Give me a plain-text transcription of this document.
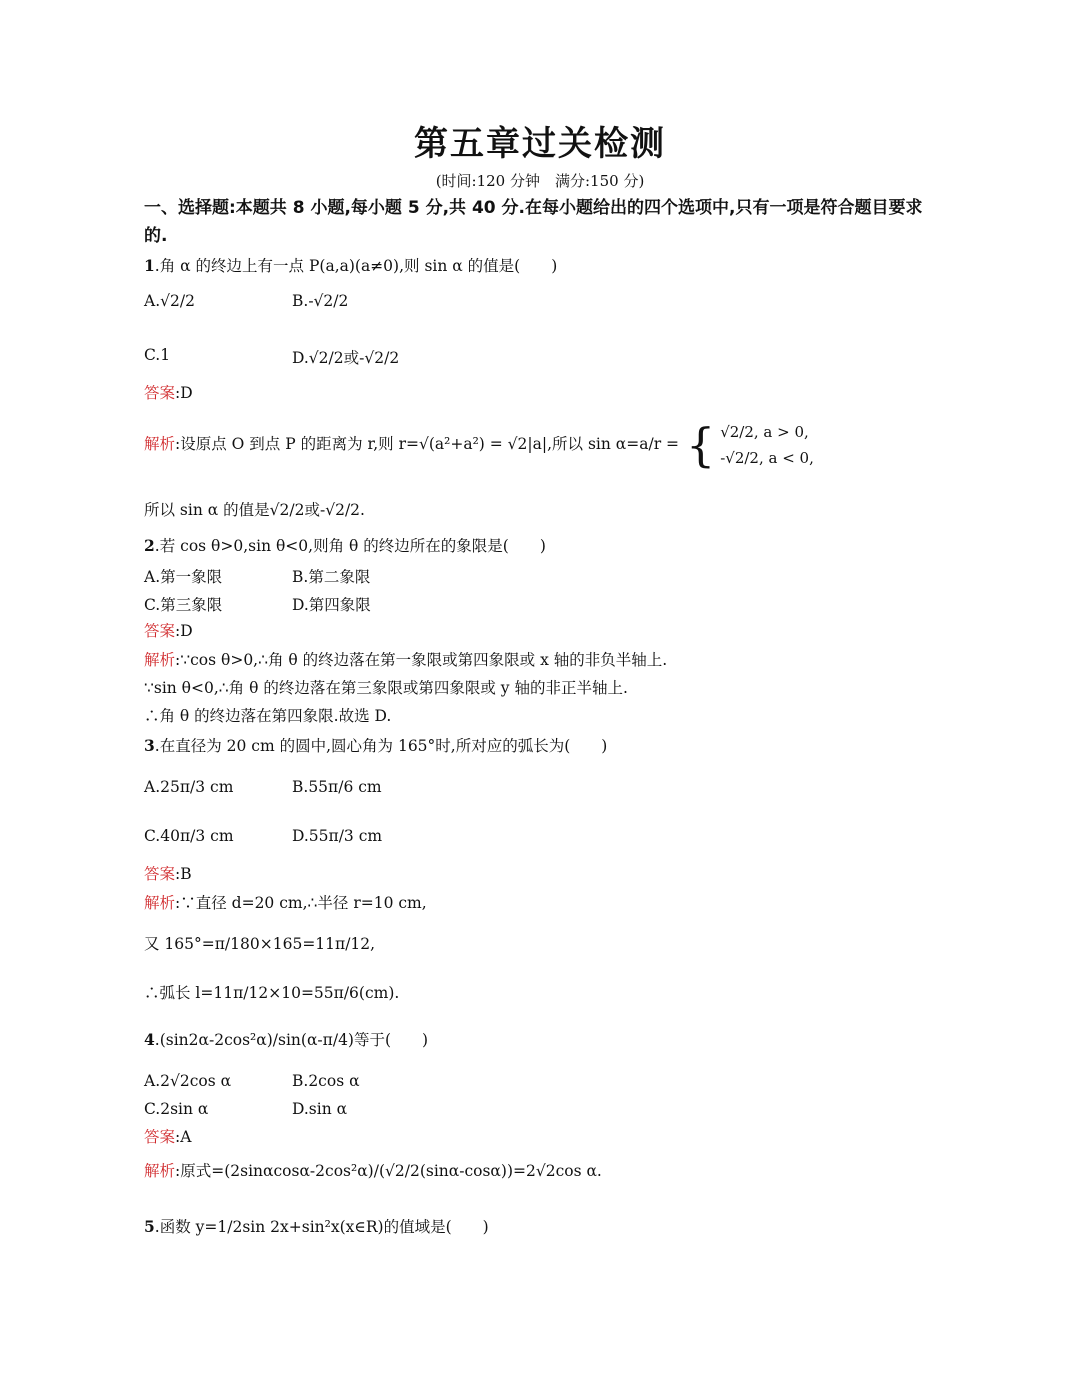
第五章过关检测
(时间:120 分钟　满分:150 分)
一、选择题:本题共 8 小题,每小题 5 分,共 40 分.在每小题给出的四个选项中,只有一项是符合题目要求的.
1.角 α 的终边上有一点 P(a,a)(a≠0),则 sin α 的值是(　　)
A.√2/2	B.-√2/2
C.1	D.√2/2或-√2/2
答案:D
解析:设原点 O 到点 P 的距离为 r,则 r=√(a²+a²) = √2|a|,所以 sin α=a/r = { √2/2, a > 0,
-√2/2, a < 0,
所以 sin α 的值是√2/2或-√2/2.
2.若 cos θ>0,sin θ<0,则角 θ 的终边所在的象限是(　　)
A.第一象限	B.第二象限
C.第三象限	D.第四象限
答案:D
解析:∵cos θ>0,∴角 θ 的终边落在第一象限或第四象限或 x 轴的非负半轴上.
∵sin θ<0,∴角 θ 的终边落在第三象限或第四象限或 y 轴的非正半轴上.
∴角 θ 的终边落在第四象限.故选 D.
3.在直径为 20 cm 的圆中,圆心角为 165°时,所对应的弧长为(　　)
A.25π/3 cm	B.55π/6 cm
C.40π/3 cm	D.55π/3 cm
答案:B
解析:∵直径 d=20 cm,∴半径 r=10 cm,
又 165°=π/180×165=11π/12,
∴弧长 l=11π/12×10=55π/6(cm).
4.(sin2α-2cos²α)/sin(α-π/4)等于(　　)
A.2√2cos α	B.2cos α
C.2sin α	D.sin α
答案:A
解析:原式=(2sinαcosα-2cos²α)/(√2/2(sinα-cosα))=2√2cos α.
5.函数 y=1/2sin 2x+sin²x(x∈R)的值域是(　　)
